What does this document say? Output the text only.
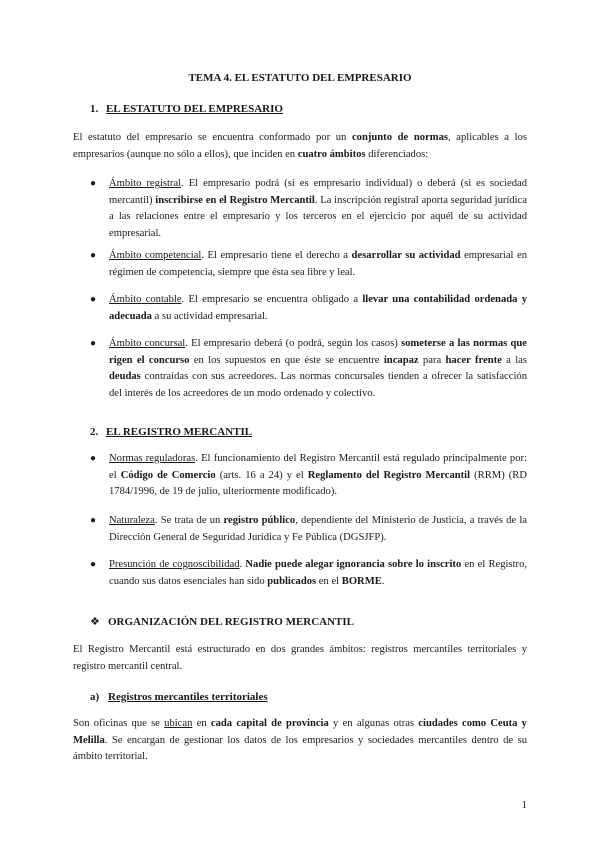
TEMA 4. EL ESTATUTO DEL EMPRESARIO
1. EL ESTATUTO DEL EMPRESARIO

El estatuto del empresario se encuentra conformado por un conjunto de normas, aplicables a los empresarios (aunque no sólo a ellos), que inciden en cuatro ámbitos diferenciados:

●	Ámbito registral. El empresario podrá (si es empresario individual) o deberá (si es sociedad mercantil) inscribirse en el Registro Mercantil. La inscripción registral aporta seguridad jurídica a las relaciones entre el empresario y los terceros en el ejercicio por aquél de su actividad empresarial.

●	Ámbito competencial. El empresario tiene el derecho a desarrollar su actividad empresarial en régimen de competencia, siempre que ésta sea libre y leal.

●	Ámbito contable. El empresario se encuentra obligado a llevar una contabilidad ordenada y adecuada a su actividad empresarial.

●	Ámbito concursal. El empresario deberá (o podrá, según los casos) someterse a las normas que rigen el concurso en los supuestos en que éste se encuentre incapaz para hacer frente a las deudas contraídas con sus acreedores. Las normas concursales tienden a ofrecer la satisfacción del interés de los acreedores de un modo ordenado y colectivo.

2. EL REGISTRO MERCANTIL
●	Normas reguladoras. El funcionamiento del Registro Mercantil está regulado principalmente por: el Código de Comercio (arts. 16 a 24) y el Reglamento del Registro Mercantil (RRM) (RD 1784/1996, de 19 de julio, ulteriormente modificado).

●	Naturaleza. Se trata de un registro público, dependiente del Ministerio de Justicia, a través de la Dirección General de Seguridad Jurídica y Fe Pública (DGSJFP).

●	Presunción de cognoscibilidad. Nadie puede alegar ignorancia sobre lo inscrito en el Registro, cuando sus datos esenciales han sido publicados en el BORME.

❖ ORGANIZACIÓN DEL REGISTRO MERCANTIL

El Registro Mercantil está estructurado en dos grandes ámbitos: registros mercantiles territoriales y registro mercantil central.

a) Registros mercantiles territoriales

Son oficinas que se ubican en cada capital de provincia y en algunas otras ciudades como Ceuta y Melilla. Se encargan de gestionar los datos de los empresarios y sociedades mercantiles dentro de su ámbito territorial.

1
